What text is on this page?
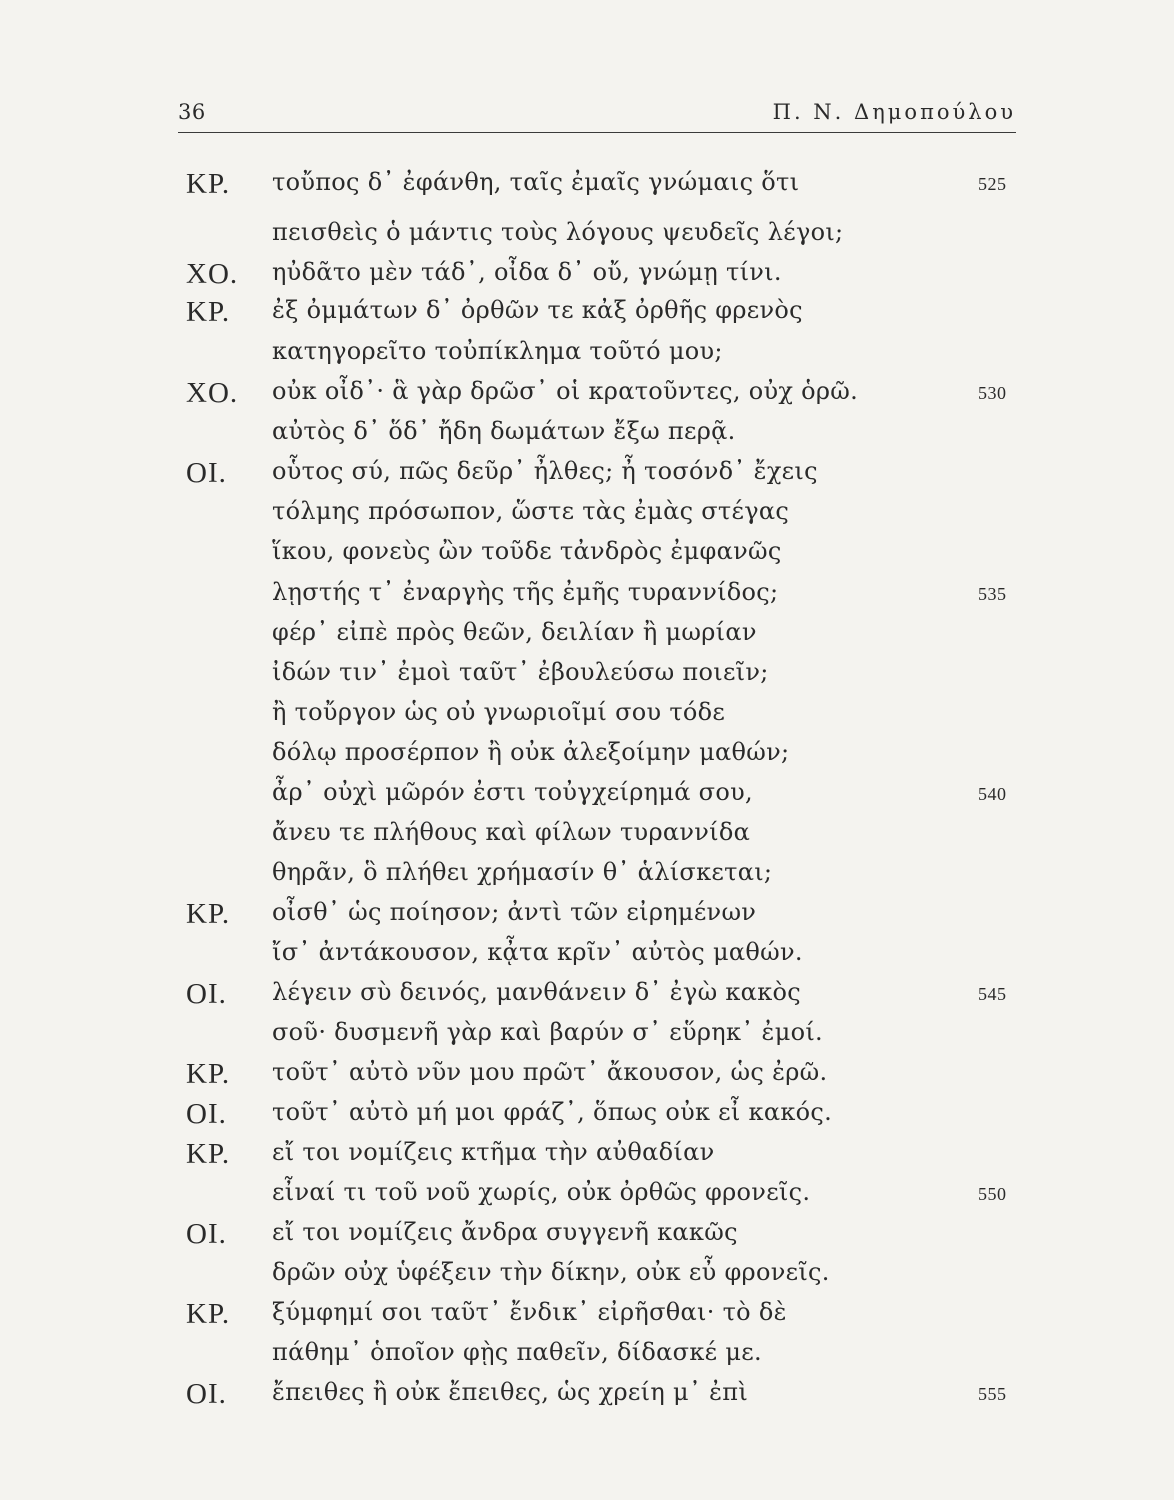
36	Π. Ν. Δημοπούλου
ΚΡ. τοὔπος δ᾽ ἐφάνθη, ταῖς ἐμαῖς γνώμαις ὅτι	525
πεισθεὶς ὁ μάντις τοὺς λόγους ψευδεῖς λέγοι;
ΧΟ. ηὐδᾶτο μὲν τάδ᾽, οἶδα δ᾽ οὔ, γνώμῃ τίνι.
ΚΡ. ἐξ ὀμμάτων δ᾽ ὀρθῶν τε κἀξ ὀρθῆς φρενὸς
κατηγορεῖτο τοὐπίκλημα τοῦτό μου;
ΧΟ. οὐκ οἶδ᾽· ἃ γὰρ δρῶσ᾽ οἱ κρατοῦντες, οὐχ ὁρῶ.	530
αὐτὸς δ᾽ ὅδ᾽ ἤδη δωμάτων ἔξω περᾷ.
ΟΙ. οὗτος σύ, πῶς δεῦρ᾽ ἦλθες; ἦ τοσόνδ᾽ ἔχεις
τόλμης πρόσωπον, ὥστε τὰς ἐμὰς στέγας
ἵκου, φονεὺς ὢν τοῦδε τἀνδρὸς ἐμφανῶς
λῃστής τ᾽ ἐναργὴς τῆς ἐμῆς τυραννίδος;	535
φέρ᾽ εἰπὲ πρὸς θεῶν, δειλίαν ἢ μωρίαν
ἰδών τιν᾽ ἐμοὶ ταῦτ᾽ ἐβουλεύσω ποιεῖν;
ἢ τοὔργον ὡς οὐ γνωριοῖμί σου τόδε
δόλῳ προσέρπον ἢ οὐκ ἀλεξοίμην μαθών;
ἆρ᾽ οὐχὶ μῶρόν ἐστι τοὐγχείρημά σου,	540
ἄνευ τε πλήθους καὶ φίλων τυραννίδα
θηρᾶν, ὃ πλήθει χρήμασίν θ᾽ ἁλίσκεται;
ΚΡ. οἶσθ᾽ ὡς ποίησον; ἀντὶ τῶν εἰρημένων
ἴσ᾽ ἀντάκουσον, κᾆτα κρῖν᾽ αὐτὸς μαθών.
ΟΙ. λέγειν σὺ δεινός, μανθάνειν δ᾽ ἐγὼ κακὸς	545
σοῦ· δυσμενῆ γὰρ καὶ βαρύν σ᾽ εὕρηκ᾽ ἐμοί.
ΚΡ. τοῦτ᾽ αὐτὸ νῦν μου πρῶτ᾽ ἄκουσον, ὡς ἐρῶ.
ΟΙ. τοῦτ᾽ αὐτὸ μή μοι φράζ᾽, ὅπως οὐκ εἶ κακός.
ΚΡ. εἴ τοι νομίζεις κτῆμα τὴν αὐθαδίαν
εἶναί τι τοῦ νοῦ χωρίς, οὐκ ὀρθῶς φρονεῖς.	550
ΟΙ. εἴ τοι νομίζεις ἄνδρα συγγενῆ κακῶς
δρῶν οὐχ ὑφέξειν τὴν δίκην, οὐκ εὖ φρονεῖς.
ΚΡ. ξύμφημί σοι ταῦτ᾽ ἔνδικ᾽ εἰρῆσθαι· τὸ δὲ
πάθημ᾽ ὁποῖον φῂς παθεῖν, δίδασκέ με.
ΟΙ. ἔπειθες ἢ οὐκ ἔπειθες, ὡς χρείη μ᾽ ἐπὶ	555
